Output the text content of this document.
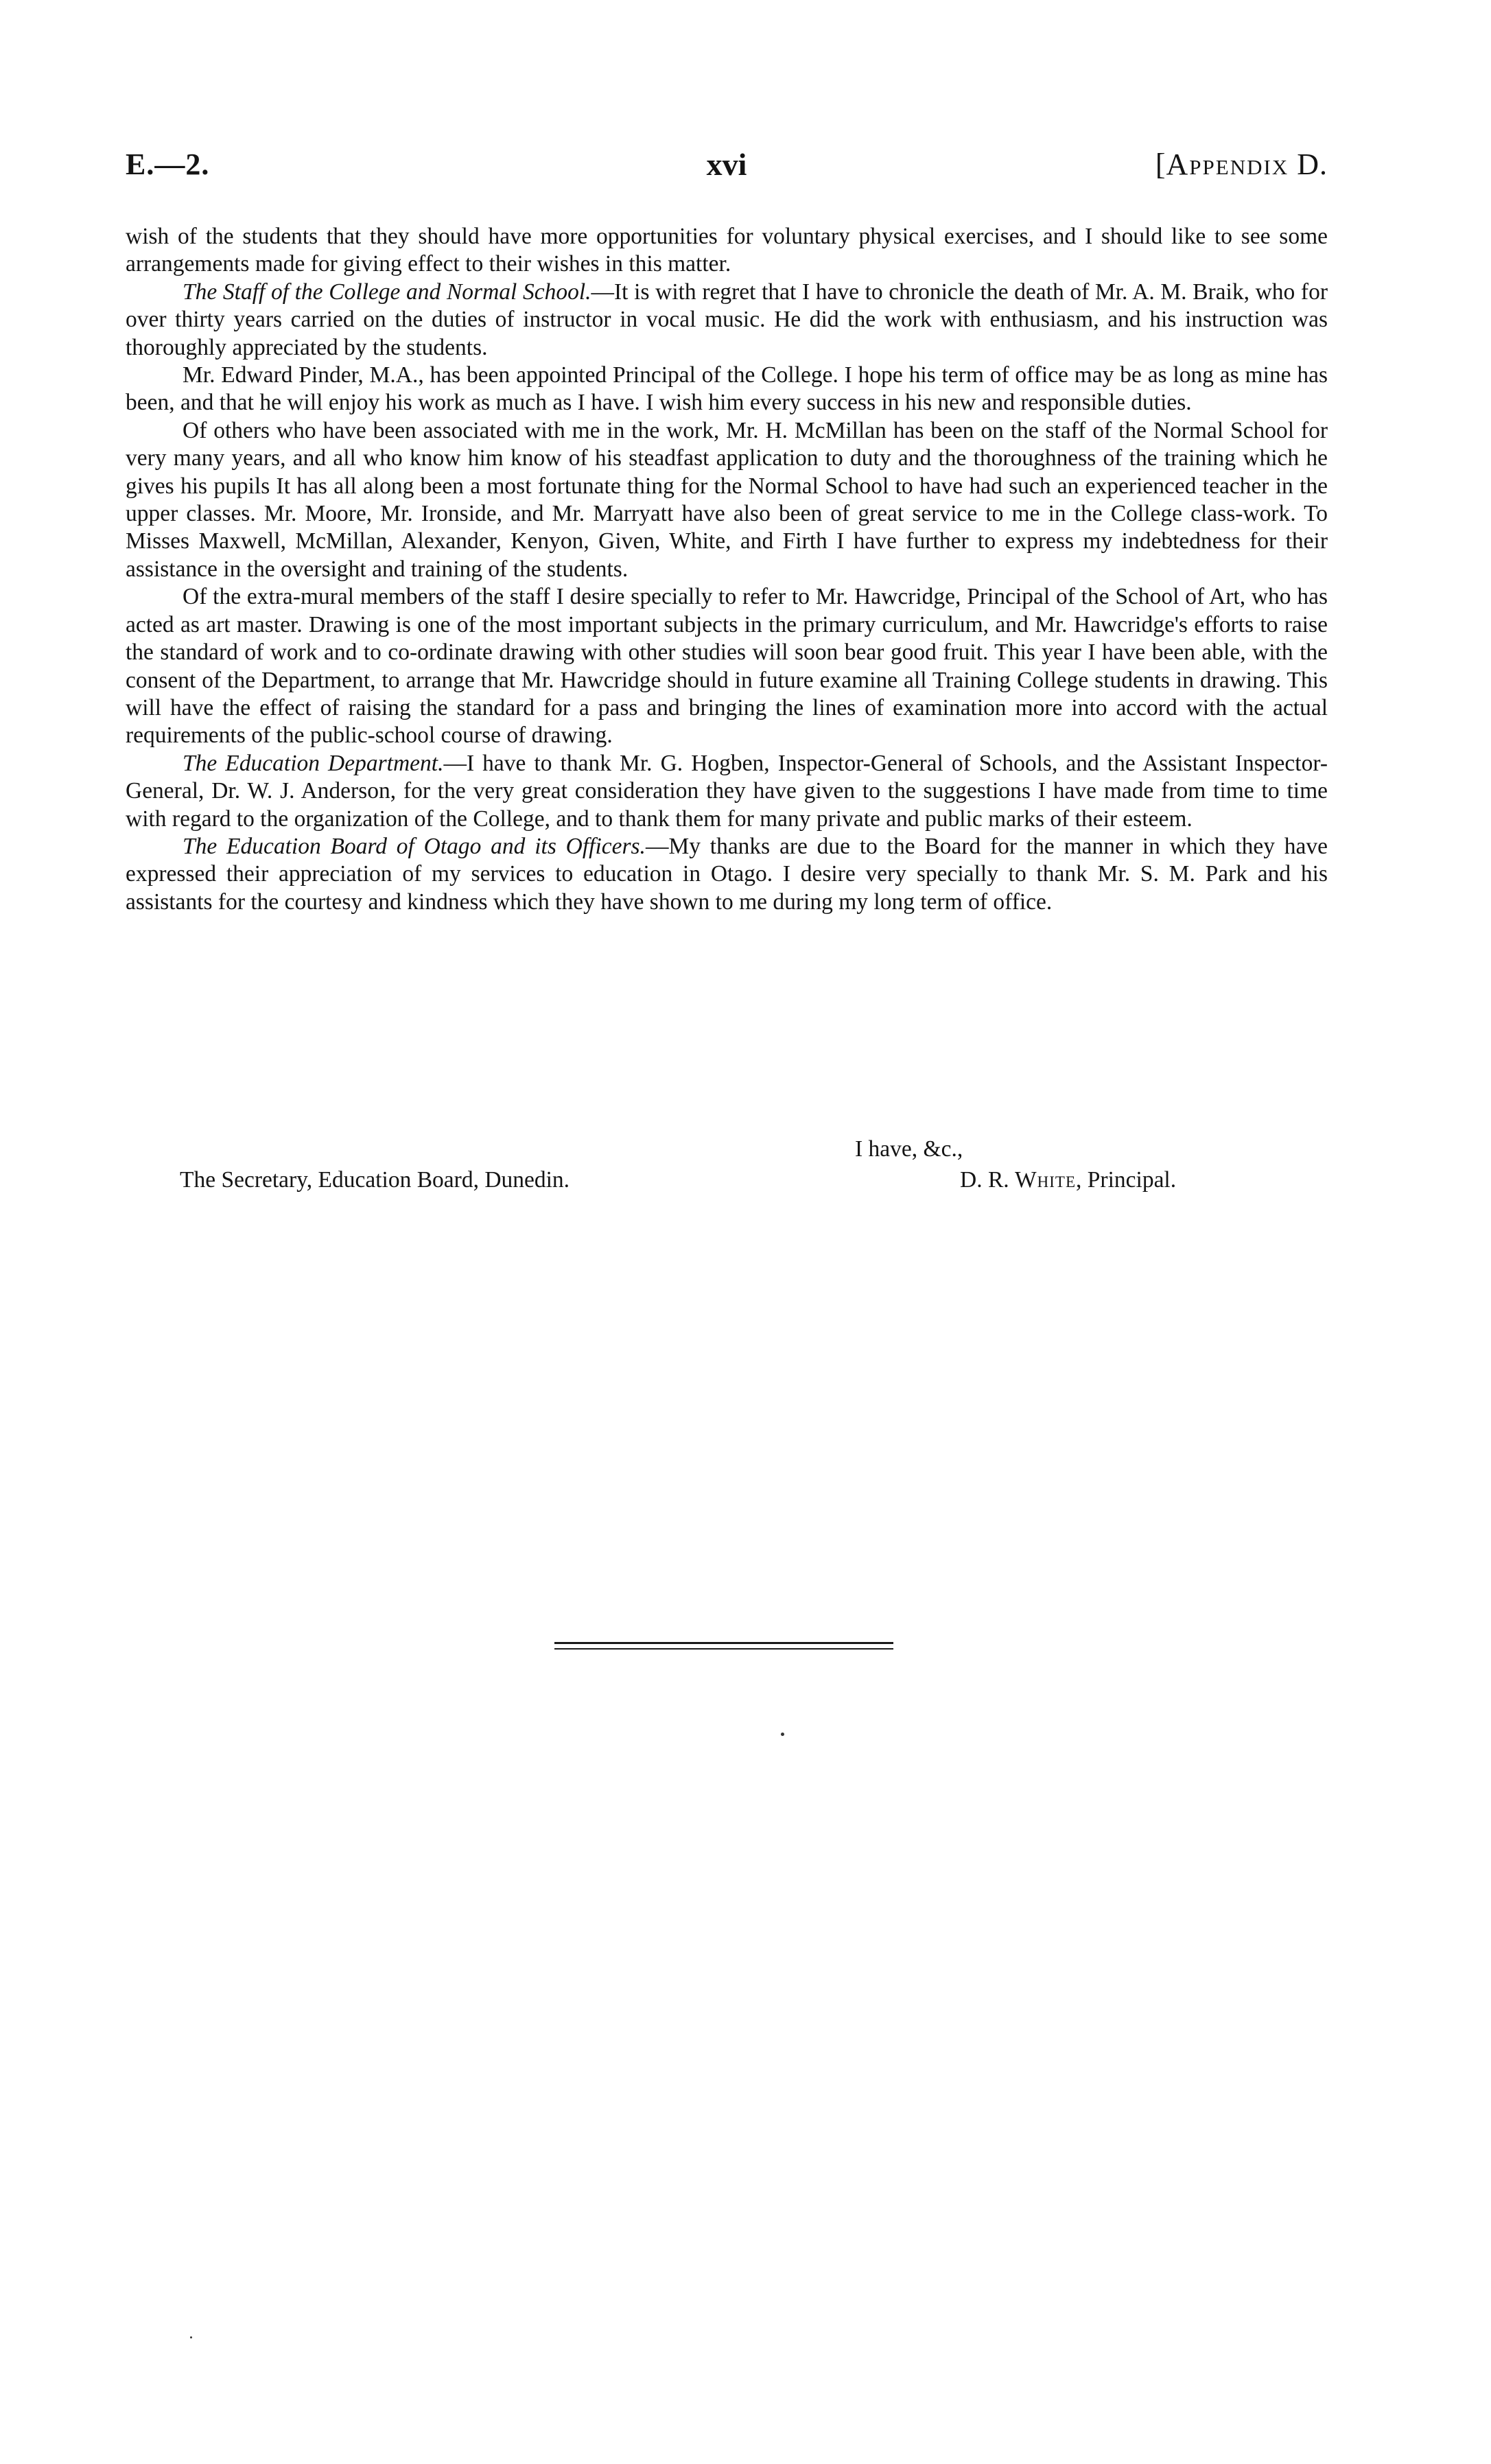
E.—2.	xvi	[Appendix D.

wish of the students that they should have more opportunities for voluntary physical exercises, and I should like to see some arrangements made for giving effect to their wishes in this matter.

The Staff of the College and Normal School.—It is with regret that I have to chronicle the death of Mr. A. M. Braik, who for over thirty years carried on the duties of instructor in vocal music. He did the work with enthusiasm, and his instruction was thoroughly appreciated by the students.

Mr. Edward Pinder, M.A., has been appointed Principal of the College. I hope his term of office may be as long as mine has been, and that he will enjoy his work as much as I have. I wish him every success in his new and responsible duties.

Of others who have been associated with me in the work, Mr. H. McMillan has been on the staff of the Normal School for very many years, and all who know him know of his steadfast application to duty and the thoroughness of the training which he gives his pupils It has all along been a most fortunate thing for the Normal School to have had such an experienced teacher in the upper classes. Mr. Moore, Mr. Ironside, and Mr. Marryatt have also been of great service to me in the College class-work. To Misses Maxwell, McMillan, Alexander, Kenyon, Given, White, and Firth I have further to express my indebtedness for their assistance in the oversight and training of the students.

Of the extra-mural members of the staff I desire specially to refer to Mr. Hawcridge, Principal of the School of Art, who has acted as art master. Drawing is one of the most important subjects in the primary curriculum, and Mr. Hawcridge's efforts to raise the standard of work and to co-ordinate drawing with other studies will soon bear good fruit. This year I have been able, with the consent of the Department, to arrange that Mr. Hawcridge should in future examine all Training College students in drawing. This will have the effect of raising the standard for a pass and bringing the lines of examination more into accord with the actual requirements of the public-school course of drawing.

The Education Department.—I have to thank Mr. G. Hogben, Inspector-General of Schools, and the Assistant Inspector-General, Dr. W. J. Anderson, for the very great consideration they have given to the suggestions I have made from time to time with regard to the organization of the College, and to thank them for many private and public marks of their esteem.

The Education Board of Otago and its Officers.—My thanks are due to the Board for the manner in which they have expressed their appreciation of my services to education in Otago. I desire very specially to thank Mr. S. M. Park and his assistants for the courtesy and kindness which they have shown to me during my long term of office.

I have, &c.,
The Secretary, Education Board, Dunedin.	D. R. White, Principal.
